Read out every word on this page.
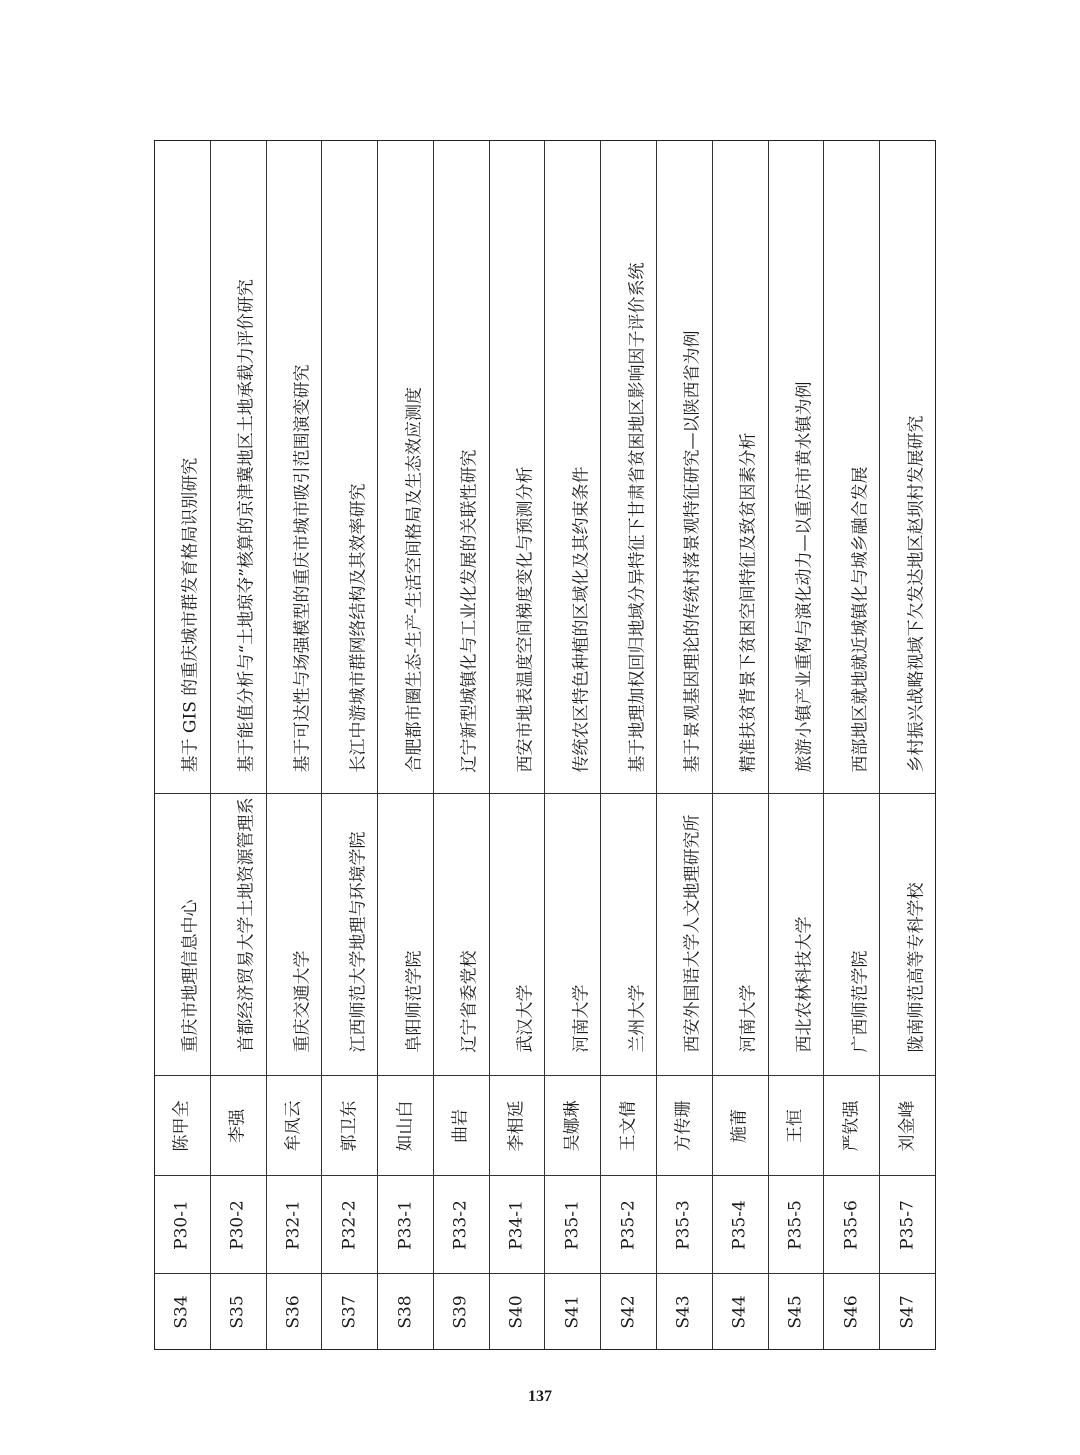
S34
P30-1
陈甲全
重庆市地理信息中心
基于 GIS 的重庆城市群发育格局识别研究
S35
P30-2
李强
首都经济贸易大学土地资源管理系
基于能值分析与“土地琼夺”核算的京津冀地区土地承载力评价研究
S36
P32-1
牟凤云
重庆交通大学
基于可达性与场强模型的重庆市城市吸引范围演变研究
S37
P32-2
郭卫东
江西师范大学地理与环境学院
长江中游城市群网络结构及其效率研究
S38
P33-1
如山白
阜阳师范学院
合肥都市圈生态-生产-生活空间格局及生态效应测度
S39
P33-2
曲岩
辽宁省委党校
辽宁新型城镇化与工业化发展的关联性研究
S40
P34-1
李相延
武汉大学
西安市地表温度空间梯度变化与预测分析
S41
P35-1
吴娜琳
河南大学
传统农区特色种植的区域化及其约束条件
S42
P35-2
王文倩
兰州大学
基于地理加权回归地域分异特征下甘肃省贫困地区影响因子评价系统
S43
P35-3
方传珊
西安外国语大学人文地理研究所
基于景观基因理论的传统村落景观特征研究—以陕西省为例
S44
P35-4
施莆
河南大学
精准扶贫背景下贫困空间特征及致贫因素分析
S45
P35-5
王恒
西北农林科技大学
旅游小镇产业重构与演化动力—以重庆市黄水镇为例
S46
P35-6
严钦强
广西师范学院
西部地区就地就近城镇化与城乡融合发展
S47
P35-7
刘金峰
陇南师范高等专科学校
乡村振兴战略视域下欠发达地区赵坝村发展研究
137
